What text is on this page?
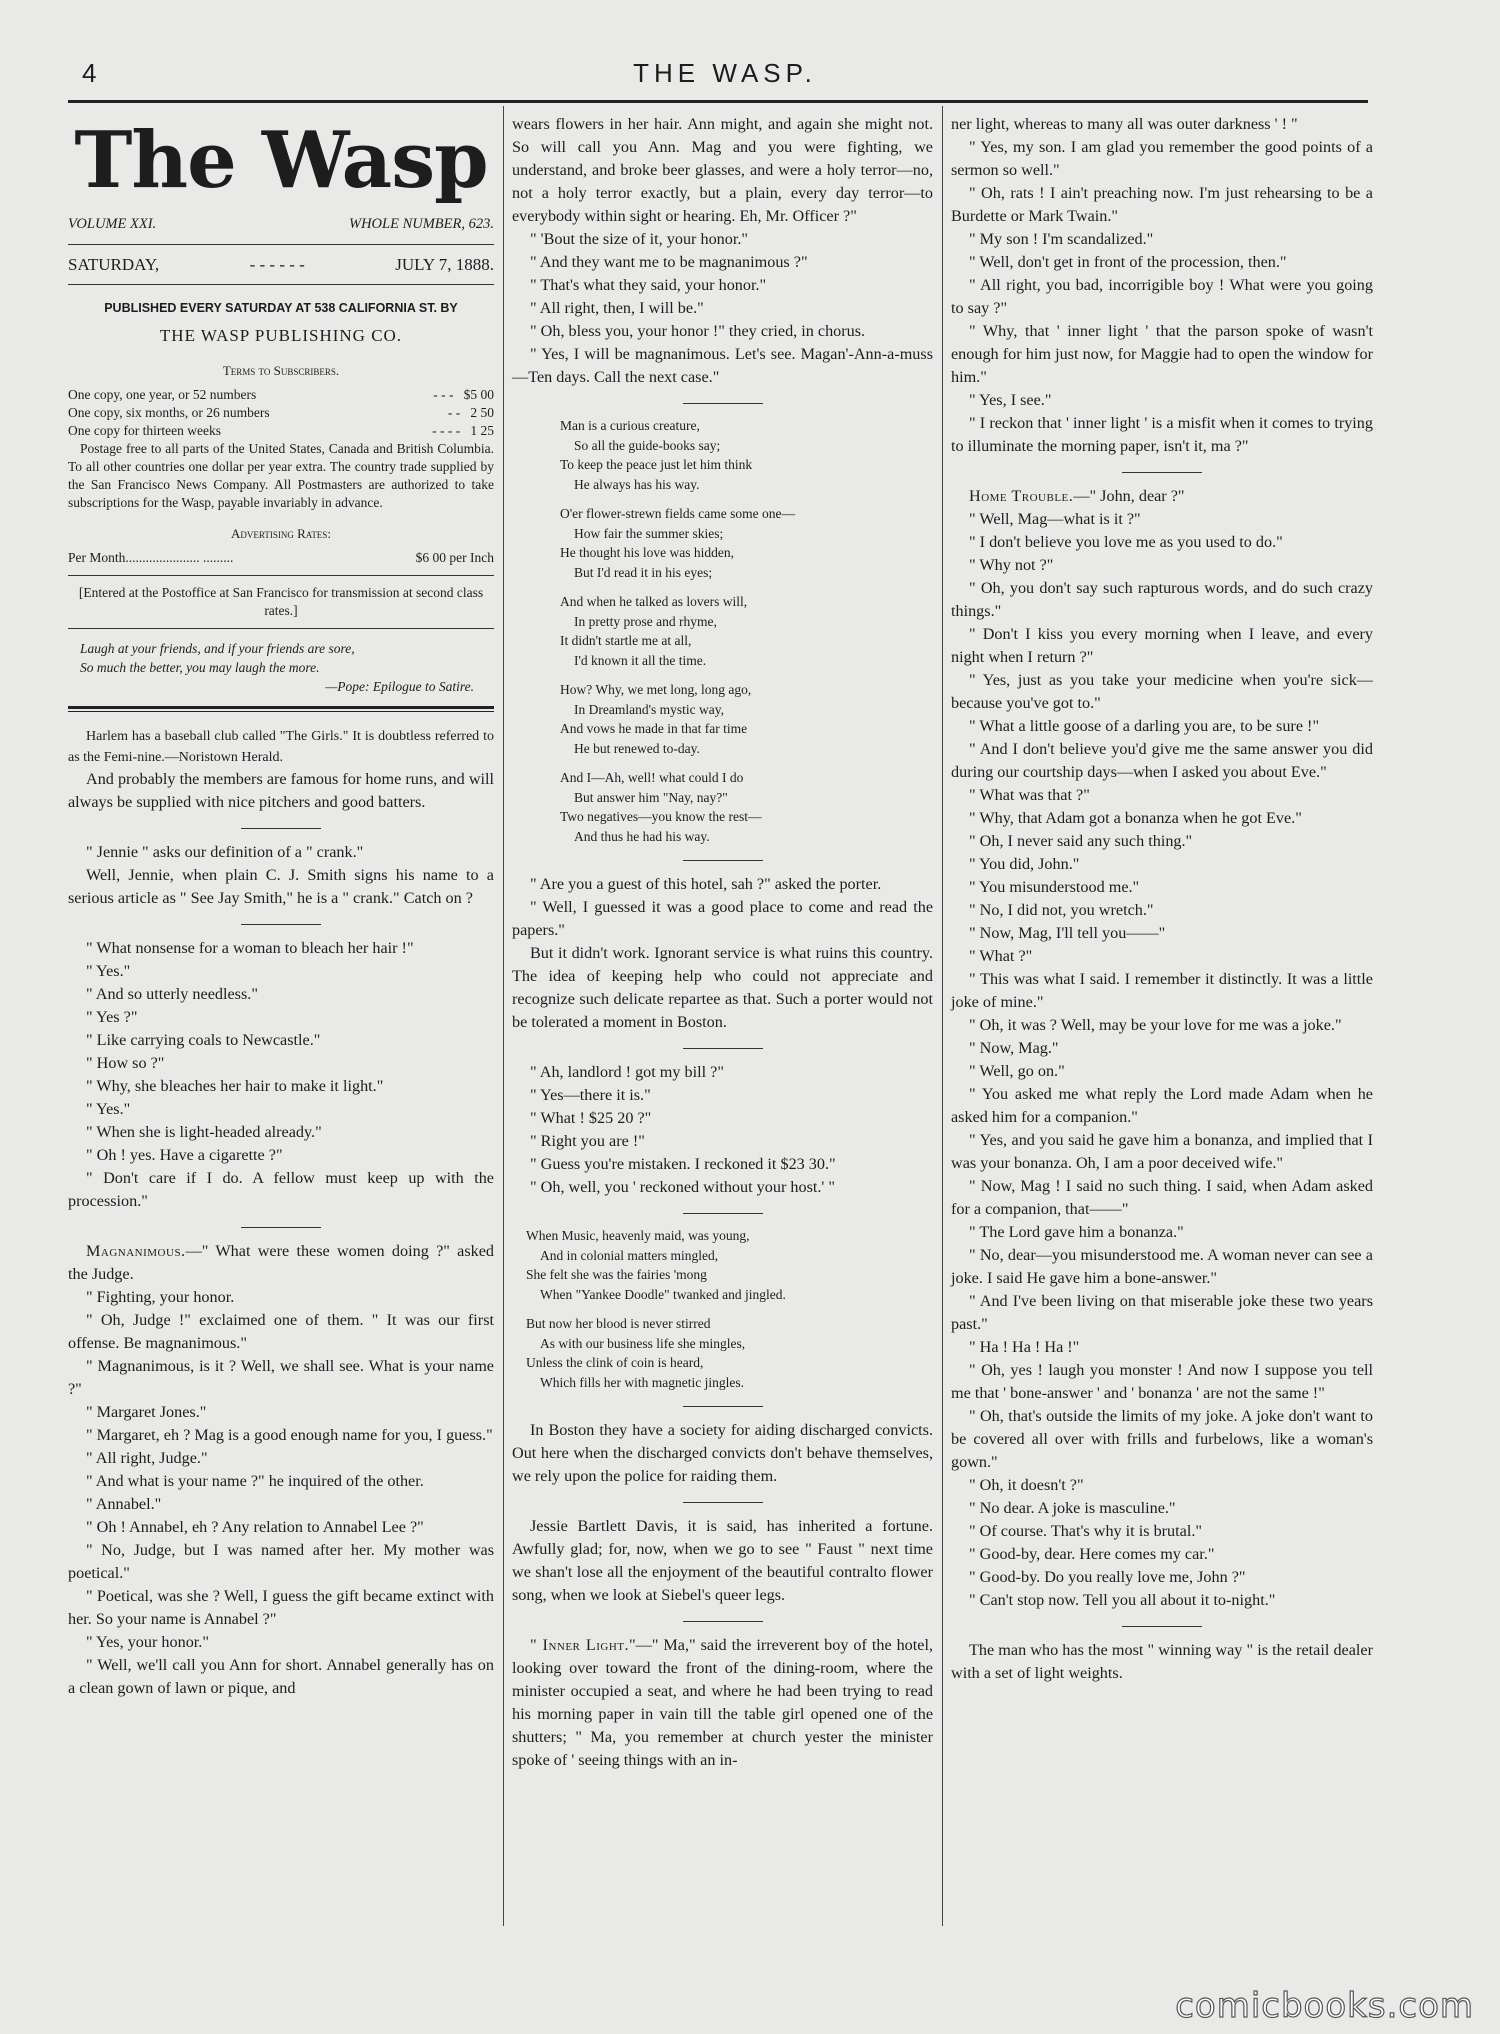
4	THE WASP.
The Wasp
VOLUME XXI.	WHOLE NUMBER, 623.
SATURDAY,	- - - - - -	JULY 7, 1888.
PUBLISHED EVERY SATURDAY AT 538 CALIFORNIA ST. BY
THE WASP PUBLISHING CO.
Terms to Subscribers.
One copy, one year, or 52 numbers	- - - $5 00
One copy, six months, or 26 numbers	- - 2 50
One copy for thirteen weeks	- - - - 1 25

Postage free to all parts of the United States, Canada and British Columbia. To all other countries one dollar per year extra. The country trade supplied by the San Francisco News Company. All Postmasters are authorized to take subscriptions for the Wasp, payable invariably in advance.

Advertising Rates:
Per Month...................... .........	$6 00 per Inch
[Entered at the Postoffice at San Francisco for transmission at second class rates.]
Laugh at your friends, and if your friends are sore,
So much the better, you may laugh the more.
—Pope: Epilogue to Satire.

Harlem has a baseball club called "The Girls." It is doubtless referred to as the Femi-nine.—Noristown Herald.

And probably the members are famous for home runs, and will always be supplied with nice pitchers and good batters.

" Jennie " asks our definition of a " crank."

Well, Jennie, when plain C. J. Smith signs his name to a serious article as " See Jay Smith," he is a " crank." Catch on ?

" What nonsense for a woman to bleach her hair !"

" Yes."

" And so utterly needless."

" Yes ?"

" Like carrying coals to Newcastle."

" How so ?"

" Why, she bleaches her hair to make it light."

" Yes."

" When she is light-headed already."

" Oh ! yes. Have a cigarette ?"

" Don't care if I do. A fellow must keep up with the procession."

Magnanimous.—" What were these women doing ?" asked the Judge.

" Fighting, your honor.

" Oh, Judge !" exclaimed one of them. " It was our first offense. Be magnanimous."

" Magnanimous, is it ? Well, we shall see. What is your name ?"

" Margaret Jones."

" Margaret, eh ? Mag is a good enough name for you, I guess."

" All right, Judge."

" And what is your name ?" he inquired of the other.

" Annabel."

" Oh ! Annabel, eh ? Any relation to Annabel Lee ?"

" No, Judge, but I was named after her. My mother was poetical."

" Poetical, was she ? Well, I guess the gift became extinct with her. So your name is Annabel ?"

" Yes, your honor."

" Well, we'll call you Ann for short. Annabel generally has on a clean gown of lawn or pique, and

wears flowers in her hair. Ann might, and again she might not. So will call you Ann. Mag and you were fighting, we understand, and broke beer glasses, and were a holy terror—no, not a holy terror exactly, but a plain, every day terror—to everybody within sight or hearing. Eh, Mr. Officer ?"

" 'Bout the size of it, your honor."

" And they want me to be magnanimous ?"

" That's what they said, your honor."

" All right, then, I will be."

" Oh, bless you, your honor !" they cried, in chorus.

" Yes, I will be magnanimous. Let's see. Magan'-Ann-a-muss—Ten days. Call the next case."

Man is a curious creature,
So all the guide-books say;
To keep the peace just let him think
He always has his way.
O'er flower-strewn fields came some one—
How fair the summer skies;
He thought his love was hidden,
But I'd read it in his eyes;
And when he talked as lovers will,
In pretty prose and rhyme,
It didn't startle me at all,
I'd known it all the time.
How? Why, we met long, long ago,
In Dreamland's mystic way,
And vows he made in that far time
He but renewed to-day.
And I—Ah, well! what could I do
But answer him "Nay, nay?"
Two negatives—you know the rest—
And thus he had his way.

" Are you a guest of this hotel, sah ?" asked the porter.

" Well, I guessed it was a good place to come and read the papers."

But it didn't work. Ignorant service is what ruins this country. The idea of keeping help who could not appreciate and recognize such delicate repartee as that. Such a porter would not be tolerated a moment in Boston.

" Ah, landlord ! got my bill ?"

" Yes—there it is."

" What ! $25 20 ?"

" Right you are !"

" Guess you're mistaken. I reckoned it $23 30."

" Oh, well, you ' reckoned without your host.' "

When Music, heavenly maid, was young,
And in colonial matters mingled,
She felt she was the fairies 'mong
When "Yankee Doodle" twanked and jingled.
But now her blood is never stirred
As with our business life she mingles,
Unless the clink of coin is heard,
Which fills her with magnetic jingles.

In Boston they have a society for aiding discharged convicts. Out here when the discharged convicts don't behave themselves, we rely upon the police for raiding them.

Jessie Bartlett Davis, it is said, has inherited a fortune. Awfully glad; for, now, when we go to see " Faust " next time we shan't lose all the enjoyment of the beautiful contralto flower song, when we look at Siebel's queer legs.

" Inner Light."—" Ma," said the irreverent boy of the hotel, looking over toward the front of the dining-room, where the minister occupied a seat, and where he had been trying to read his morning paper in vain till the table girl opened one of the shutters; " Ma, you remember at church yester the minister spoke of ' seeing things with an in-

ner light, whereas to many all was outer darkness ' ! "

" Yes, my son. I am glad you remember the good points of a sermon so well."

" Oh, rats ! I ain't preaching now. I'm just rehearsing to be a Burdette or Mark Twain."

" My son ! I'm scandalized."

" Well, don't get in front of the procession, then."

" All right, you bad, incorrigible boy ! What were you going to say ?"

" Why, that ' inner light ' that the parson spoke of wasn't enough for him just now, for Maggie had to open the window for him."

" Yes, I see."

" I reckon that ' inner light ' is a misfit when it comes to trying to illuminate the morning paper, isn't it, ma ?"

Home Trouble.—" John, dear ?"

" Well, Mag—what is it ?"

" I don't believe you love me as you used to do."

" Why not ?"

" Oh, you don't say such rapturous words, and do such crazy things."

" Don't I kiss you every morning when I leave, and every night when I return ?"

" Yes, just as you take your medicine when you're sick—because you've got to."

" What a little goose of a darling you are, to be sure !"

" And I don't believe you'd give me the same answer you did during our courtship days—when I asked you about Eve."

" What was that ?"

" Why, that Adam got a bonanza when he got Eve."

" Oh, I never said any such thing."

" You did, John."

" You misunderstood me."

" No, I did not, you wretch."

" Now, Mag, I'll tell you——"

" What ?"

" This was what I said. I remember it distinctly. It was a little joke of mine."

" Oh, it was ? Well, may be your love for me was a joke."

" Now, Mag."

" Well, go on."

" You asked me what reply the Lord made Adam when he asked him for a companion."

" Yes, and you said he gave him a bonanza, and implied that I was your bonanza. Oh, I am a poor deceived wife."

" Now, Mag ! I said no such thing. I said, when Adam asked for a companion, that——"

" The Lord gave him a bonanza."

" No, dear—you misunderstood me. A woman never can see a joke. I said He gave him a bone-answer."

" And I've been living on that miserable joke these two years past."

" Ha ! Ha ! Ha !"

" Oh, yes ! laugh you monster ! And now I suppose you tell me that ' bone-answer ' and ' bonanza ' are not the same !"

" Oh, that's outside the limits of my joke. A joke don't want to be covered all over with frills and furbelows, like a woman's gown."

" Oh, it doesn't ?"

" No dear. A joke is masculine."

" Of course. That's why it is brutal."

" Good-by, dear. Here comes my car."

" Good-by. Do you really love me, John ?"

" Can't stop now. Tell you all about it to-night."

The man who has the most " winning way " is the retail dealer with a set of light weights.

comicbooks.com
